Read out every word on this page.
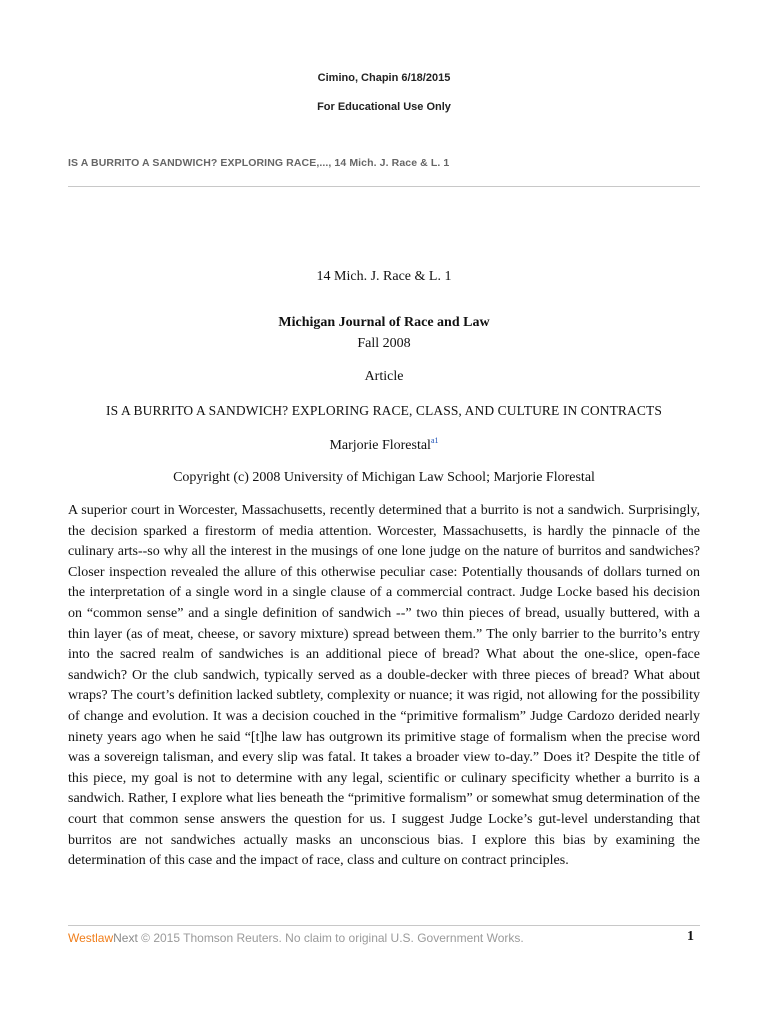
Cimino, Chapin 6/18/2015
For Educational Use Only
IS A BURRITO A SANDWICH? EXPLORING RACE,..., 14 Mich. J. Race & L. 1
14 Mich. J. Race & L. 1
Michigan Journal of Race and Law
Fall 2008
Article
IS A BURRITO A SANDWICH? EXPLORING RACE, CLASS, AND CULTURE IN CONTRACTS
Marjorie Florestal$^{a1}$
Copyright (c) 2008 University of Michigan Law School; Marjorie Florestal

A superior court in Worcester, Massachusetts, recently determined that a burrito is not a sandwich. Surprisingly, the decision sparked a firestorm of media attention. Worcester, Massachusetts, is hardly the pinnacle of the culinary arts--so why all the interest in the musings of one lone judge on the nature of burritos and sandwiches? Closer inspection revealed the allure of this otherwise peculiar case: Potentially thousands of dollars turned on the interpretation of a single word in a single clause of a commercial contract. Judge Locke based his decision on “common sense” and a single definition of sandwich --” two thin pieces of bread, usually buttered, with a thin layer (as of meat, cheese, or savory mixture) spread between them.” The only barrier to the burrito’s entry into the sacred realm of sandwiches is an additional piece of bread? What about the one-slice, open-face sandwich? Or the club sandwich, typically served as a double-decker with three pieces of bread? What about wraps? The court’s definition lacked subtlety, complexity or nuance; it was rigid, not allowing for the possibility of change and evolution. It was a decision couched in the “primitive formalism” Judge Cardozo derided nearly ninety years ago when he said “[t]he law has outgrown its primitive stage of formalism when the precise word was a sovereign talisman, and every slip was fatal. It takes a broader view to-day.” Does it? Despite the title of this piece, my goal is not to determine with any legal, scientific or culinary specificity whether a burrito is a sandwich. Rather, I explore what lies beneath the “primitive formalism” or somewhat smug determination of the court that common sense answers the question for us. I suggest Judge Locke’s gut-level understanding that burritos are not sandwiches actually masks an unconscious bias. I explore this bias by examining the determination of this case and the impact of race, class and culture on contract principles.

WestlawNext © 2015 Thomson Reuters. No claim to original U.S. Government Works.	1
